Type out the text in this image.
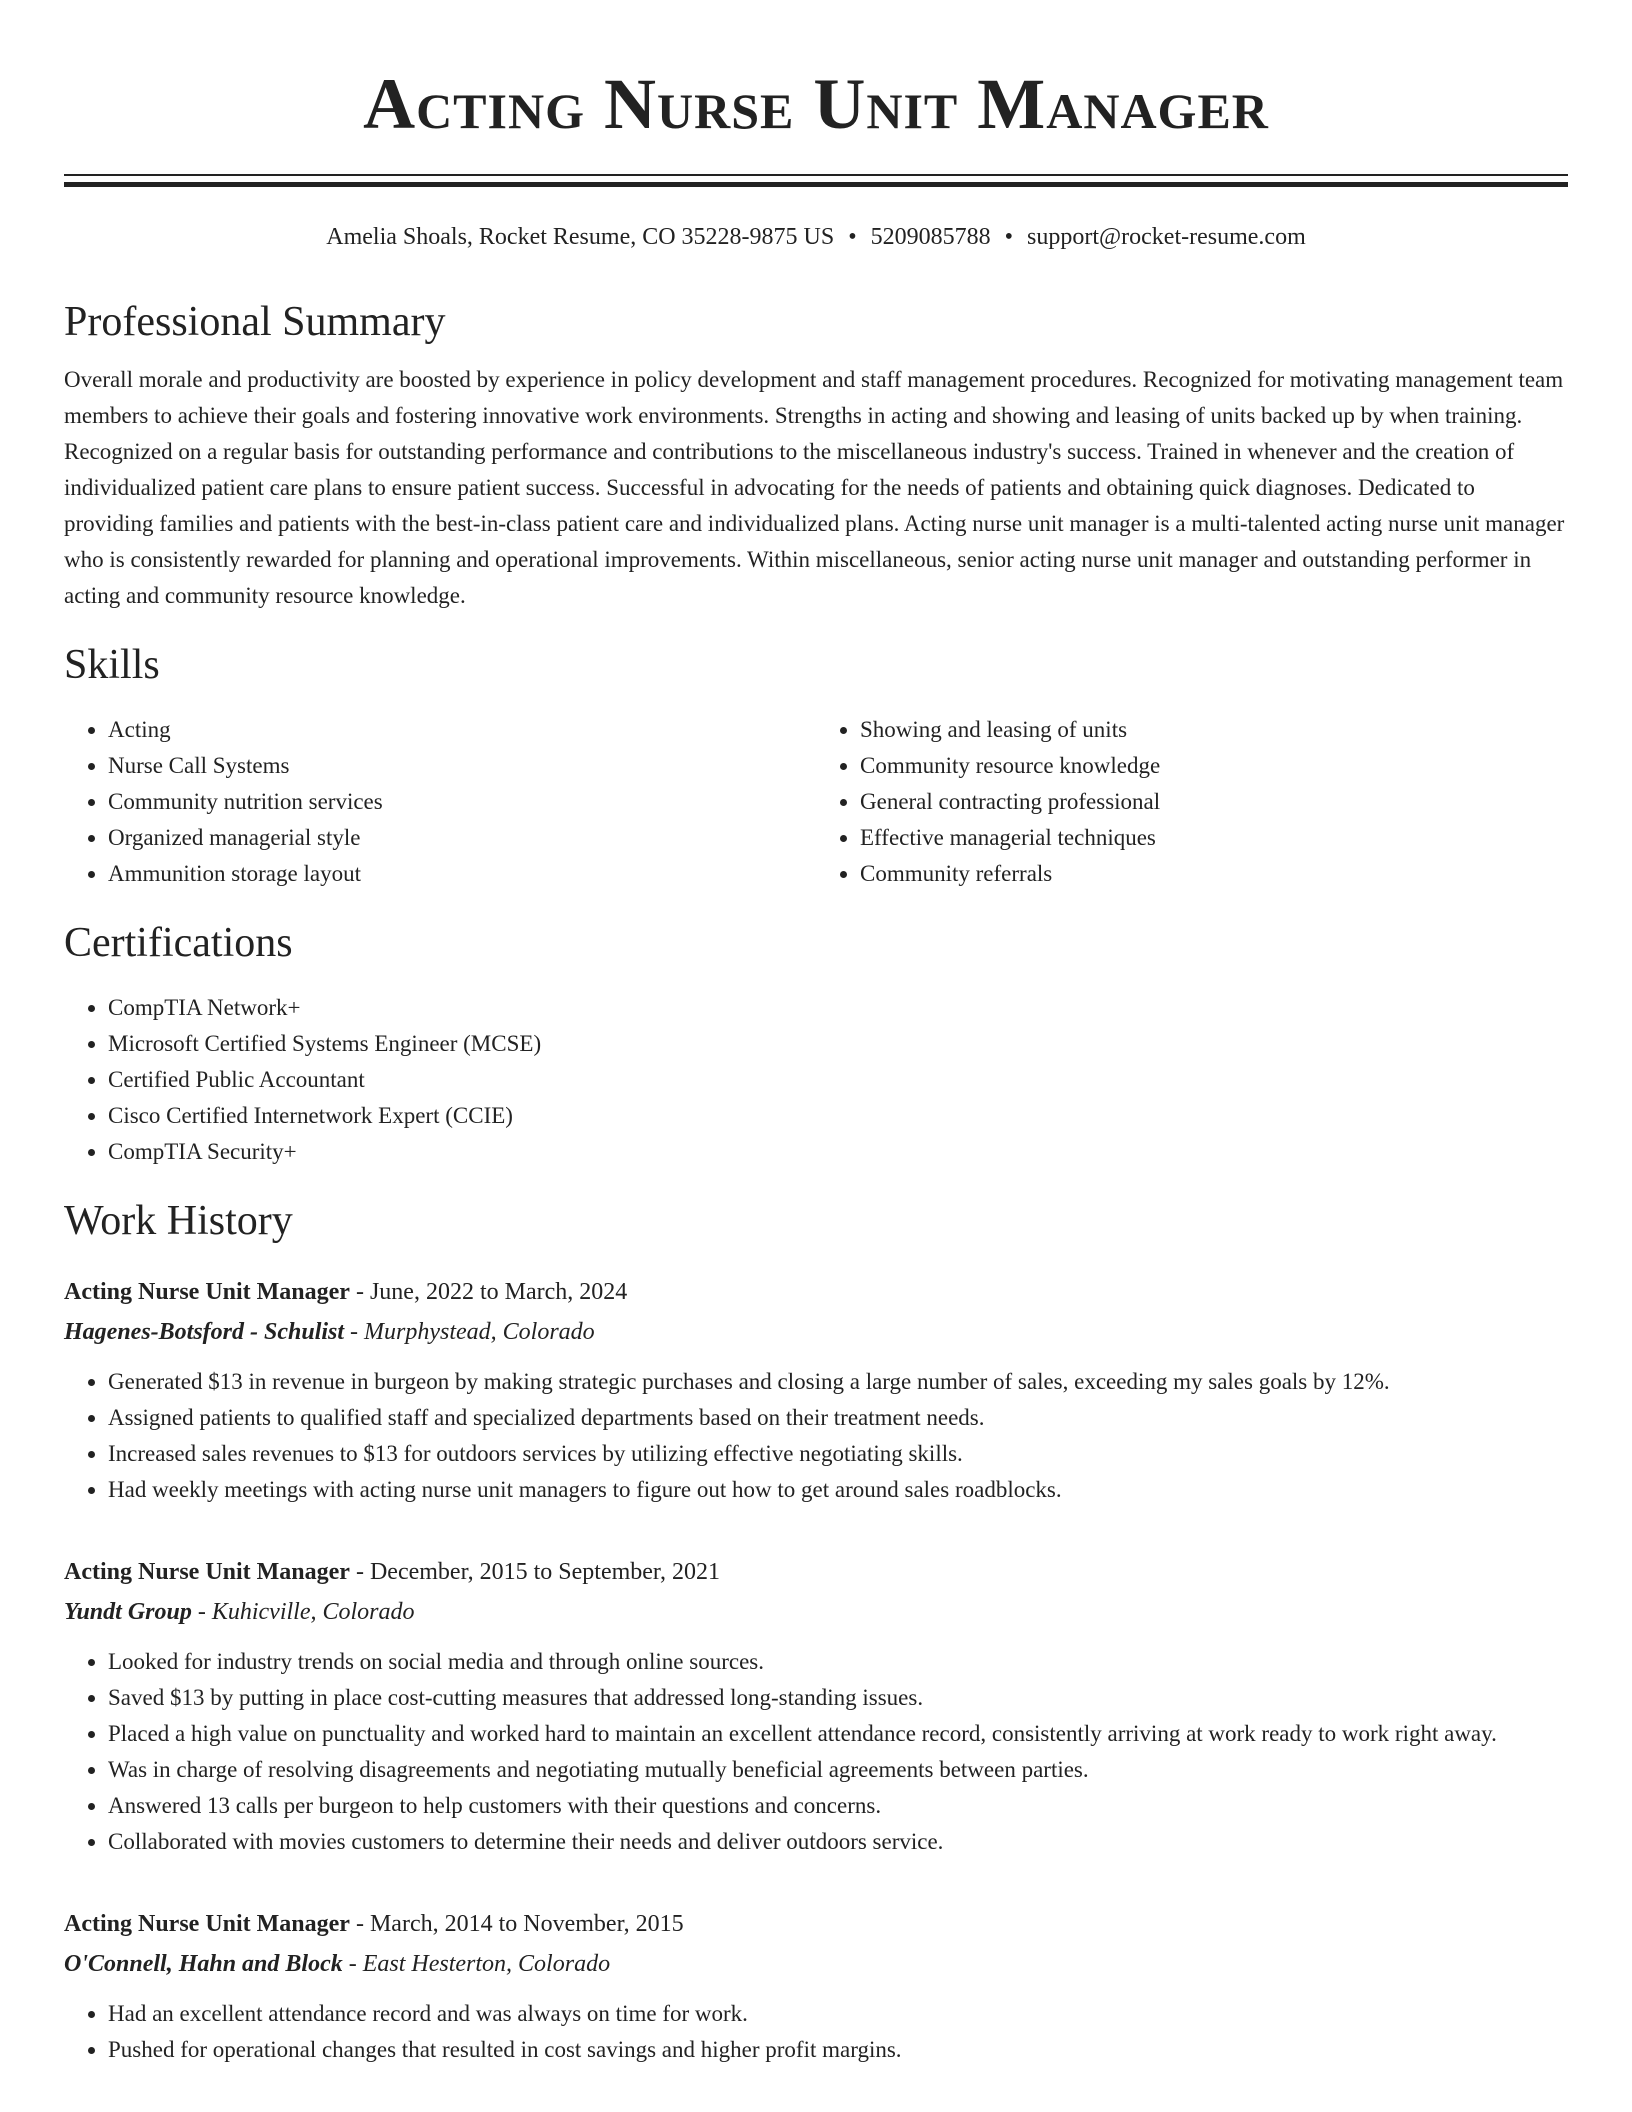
Acting Nurse Unit Manager
Amelia Shoals, Rocket Resume, CO 35228-9875 US • 5209085788 • support@rocket-resume.com
Professional Summary

Overall morale and productivity are boosted by experience in policy development and staff management procedures. Recognized for motivating management team members to achieve their goals and fostering innovative work environments. Strengths in acting and showing and leasing of units backed up by when training. Recognized on a regular basis for outstanding performance and contributions to the miscellaneous industry's success. Trained in whenever and the creation of individualized patient care plans to ensure patient success. Successful in advocating for the needs of patients and obtaining quick diagnoses. Dedicated to providing families and patients with the best-in-class patient care and individualized plans. Acting nurse unit manager is a multi-talented acting nurse unit manager who is consistently rewarded for planning and operational improvements. Within miscellaneous, senior acting nurse unit manager and outstanding performer in acting and community resource knowledge.

Skills
• Acting
• Nurse Call Systems
• Community nutrition services
• Organized managerial style
• Ammunition storage layout
• Showing and leasing of units
• Community resource knowledge
• General contracting professional
• Effective managerial techniques
• Community referrals
Certifications
• CompTIA Network+
• Microsoft Certified Systems Engineer (MCSE)
• Certified Public Accountant
• Cisco Certified Internetwork Expert (CCIE)
• CompTIA Security+
Work History
Acting Nurse Unit Manager - June, 2022 to March, 2024
Hagenes-Botsford - Schulist - Murphystead, Colorado
• Generated $13 in revenue in burgeon by making strategic purchases and closing a large number of sales, exceeding my sales goals by 12%.
• Assigned patients to qualified staff and specialized departments based on their treatment needs.
• Increased sales revenues to $13 for outdoors services by utilizing effective negotiating skills.
• Had weekly meetings with acting nurse unit managers to figure out how to get around sales roadblocks.
Acting Nurse Unit Manager - December, 2015 to September, 2021
Yundt Group - Kuhicville, Colorado
• Looked for industry trends on social media and through online sources.
• Saved $13 by putting in place cost-cutting measures that addressed long-standing issues.
• Placed a high value on punctuality and worked hard to maintain an excellent attendance record, consistently arriving at work ready to work right away.
• Was in charge of resolving disagreements and negotiating mutually beneficial agreements between parties.
• Answered 13 calls per burgeon to help customers with their questions and concerns.
• Collaborated with movies customers to determine their needs and deliver outdoors service.
Acting Nurse Unit Manager - March, 2014 to November, 2015
O'Connell, Hahn and Block - East Hesterton, Colorado
• Had an excellent attendance record and was always on time for work.
• Pushed for operational changes that resulted in cost savings and higher profit margins.
